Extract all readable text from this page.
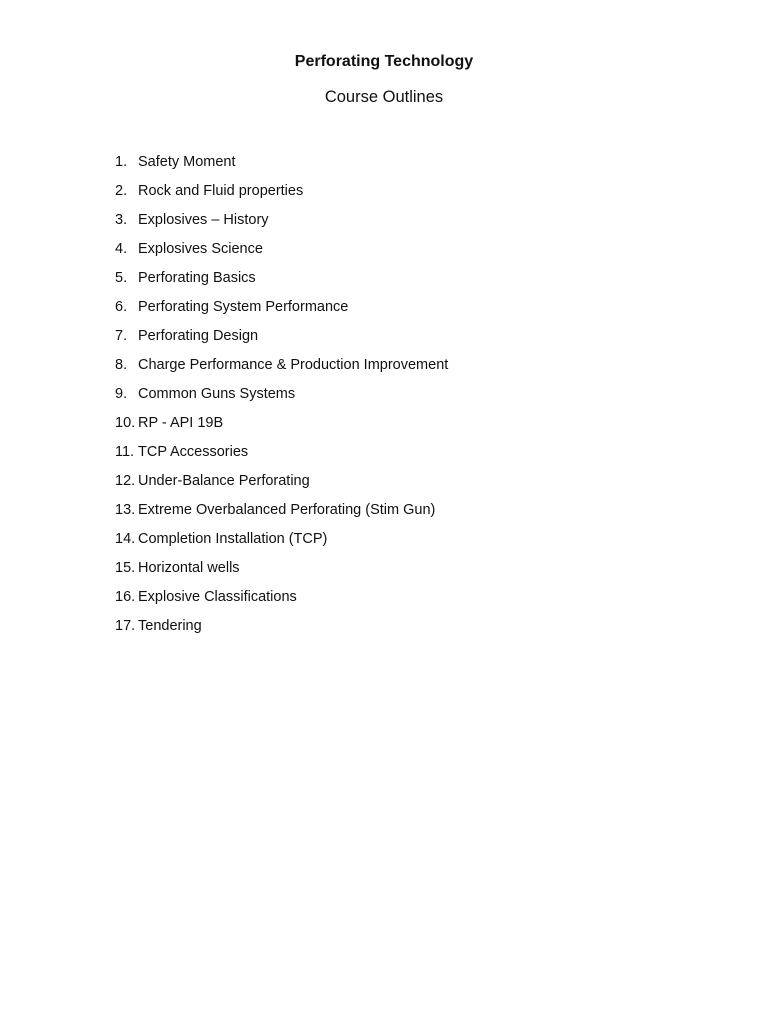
Perforating Technology
Course Outlines
1. Safety Moment
2. Rock and Fluid properties
3. Explosives – History
4. Explosives Science
5. Perforating Basics
6. Perforating System Performance
7. Perforating Design
8. Charge Performance & Production Improvement
9. Common Guns Systems
10. RP - API 19B
11. TCP Accessories
12. Under-Balance Perforating
13. Extreme Overbalanced Perforating (Stim Gun)
14. Completion Installation (TCP)
15. Horizontal wells
16. Explosive Classifications
17. Tendering
